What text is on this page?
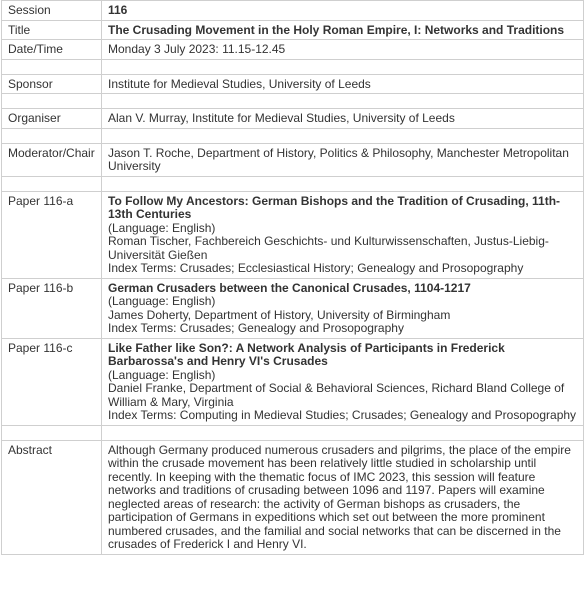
Session	116
Title	The Crusading Movement in the Holy Roman Empire, I: Networks and Traditions
Date/Time	Monday 3 July 2023: 11.15-12.45

Sponsor	Institute for Medieval Studies, University of Leeds

Organiser	Alan V. Murray, Institute for Medieval Studies, University of Leeds

Moderator/Chair	Jason T. Roche, Department of History, Politics & Philosophy, Manchester Metropolitan University

Paper 116-a	To Follow My Ancestors: German Bishops and the Tradition of Crusading, 11th-13th Centuries
(Language: English)
Roman Tischer, Fachbereich Geschichts- und Kulturwissenschaften, Justus-Liebig-Universität Gießen
Index Terms: Crusades; Ecclesiastical History; Genealogy and Prosopography

Paper 116-b	German Crusaders between the Canonical Crusades, 1104-1217
(Language: English)
James Doherty, Department of History, University of Birmingham
Index Terms: Crusades; Genealogy and Prosopography

Paper 116-c	Like Father like Son?: A Network Analysis of Participants in Frederick Barbarossa's and Henry VI's Crusades
(Language: English)
Daniel Franke, Department of Social & Behavioral Sciences, Richard Bland College of William & Mary, Virginia
Index Terms: Computing in Medieval Studies; Crusades; Genealogy and Prosopography

Abstract	Although Germany produced numerous crusaders and pilgrims, the place of the empire within the crusade movement has been relatively little studied in scholarship until recently. In keeping with the thematic focus of IMC 2023, this session will feature networks and traditions of crusading between 1096 and 1197. Papers will examine neglected areas of research: the activity of German bishops as crusaders, the participation of Germans in expeditions which set out between the more prominent numbered crusades, and the familial and social networks that can be discerned in the crusades of Frederick I and Henry VI.
